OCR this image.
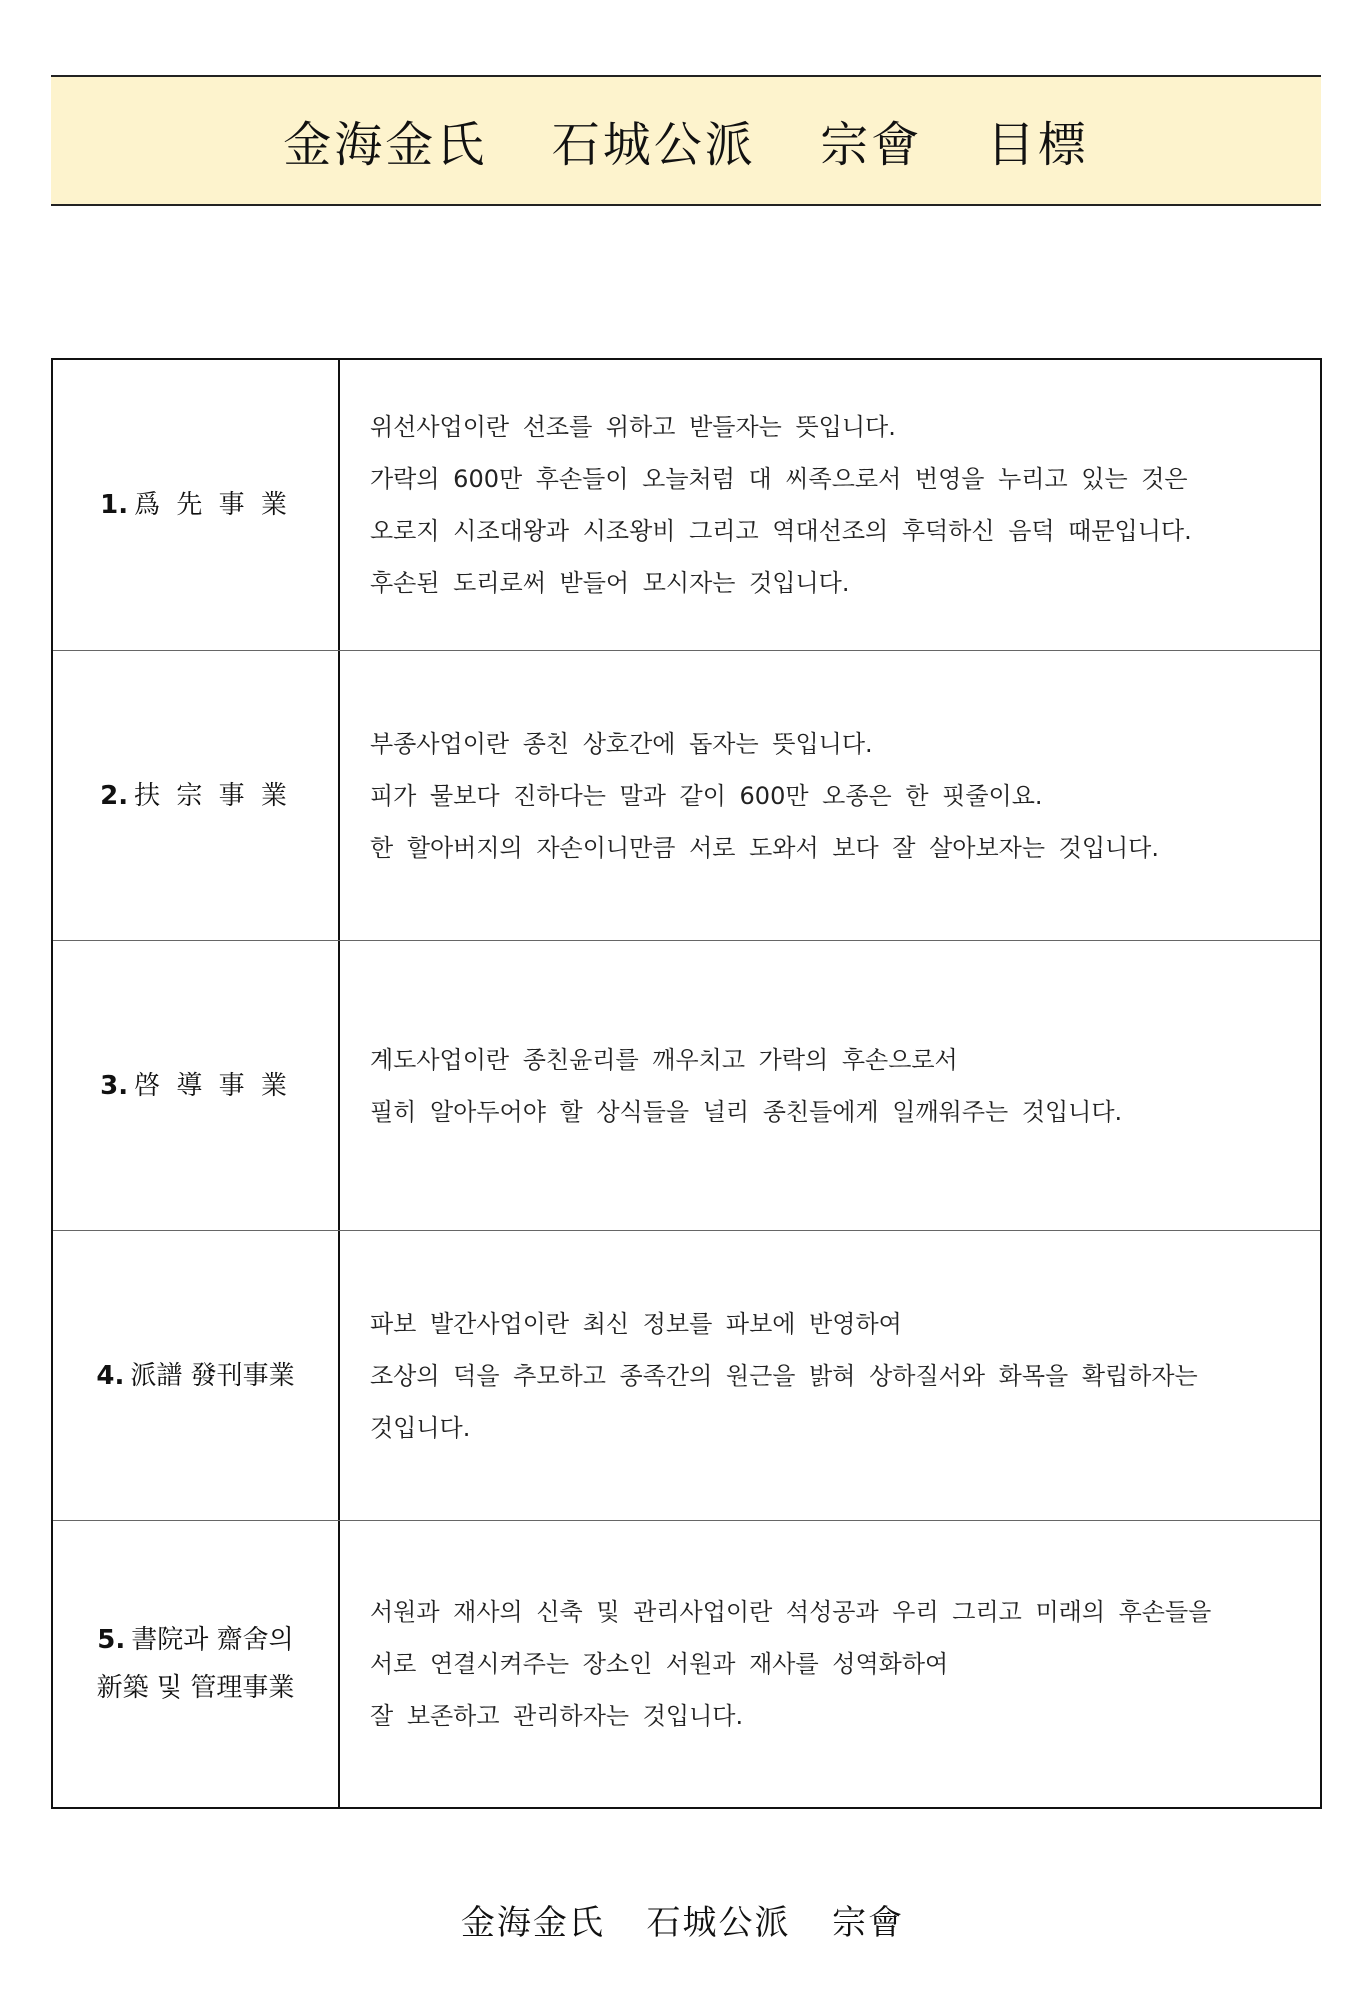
金海金氏  石城公派  宗會  目標
1. 爲 先 事 業
위선사업이란 선조를 위하고 받들자는 뜻입니다.
가락의 600만 후손들이 오늘처럼 대 씨족으로서 번영을 누리고 있는 것은
오로지 시조대왕과 시조왕비 그리고 역대선조의 후덕하신 음덕 때문입니다.
후손된 도리로써 받들어 모시자는 것입니다.
2. 扶 宗 事 業
부종사업이란 종친 상호간에 돕자는 뜻입니다.
피가 물보다 진하다는 말과 같이 600만 오종은 한 핏줄이요.
한 할아버지의 자손이니만큼 서로 도와서 보다 잘 살아보자는 것입니다.
3. 啓 導 事 業
계도사업이란 종친윤리를 깨우치고 가락의 후손으로서
필히 알아두어야 할 상식들을 널리 종친들에게 일깨워주는 것입니다.
4. 派譜 發刊事業
파보 발간사업이란 최신 정보를 파보에 반영하여
조상의 덕을 추모하고 종족간의 원근을 밝혀 상하질서와 화목을 확립하자는
것입니다.
5. 書院과 齋舍의
新築 및 管理事業
서원과 재사의 신축 및 관리사업이란 석성공과 우리 그리고 미래의 후손들을
서로 연결시켜주는 장소인 서원과 재사를 성역화하여
잘 보존하고 관리하자는 것입니다.
金海金氏  石城公派  宗會
